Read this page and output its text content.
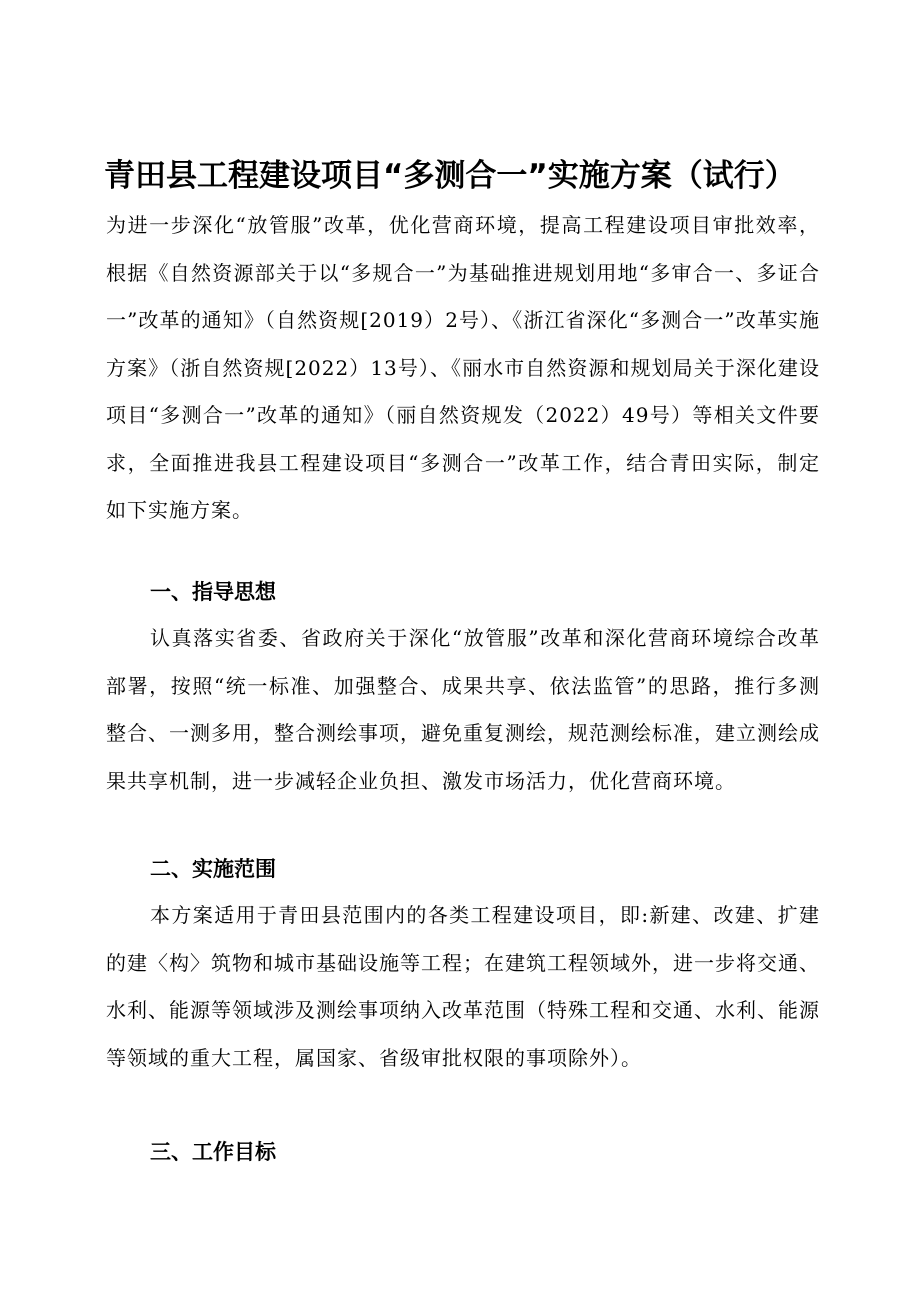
青田县工程建设项目“多测合一”实施方案（试行）

为进一步深化“放管服”改革，优化营商环境，提高工程建设项目审批效率，根据《自然资源部关于以“多规合一”为基础推进规划用地“多审合一、多证合一”改革的通知》（自然资规[2019）2号）、《浙江省深化“多测合一”改革实施方案》（浙自然资规[2022）13号）、《丽水市自然资源和规划局关于深化建设项目“多测合一”改革的通知》（丽自然资规发（2022）49号）等相关文件要求，全面推进我县工程建设项目“多测合一”改革工作，结合青田实际，制定如下实施方案。

一、指导思想

认真落实省委、省政府关于深化“放管服”改革和深化营商环境综合改革部署，按照“统一标准、加强整合、成果共享、依法监管”的思路，推行多测整合、一测多用，整合测绘事项，避免重复测绘，规范测绘标准，建立测绘成果共享机制，进一步减轻企业负担、激发市场活力，优化营商环境。

二、实施范围

本方案适用于青田县范围内的各类工程建设项目，即:新建、改建、扩建的建〈构〉筑物和城市基础设施等工程；在建筑工程领域外，进一步将交通、水利、能源等领域涉及测绘事项纳入改革范围（特殊工程和交通、水利、能源等领域的重大工程，属国家、省级审批权限的事项除外）。

三、工作目标
